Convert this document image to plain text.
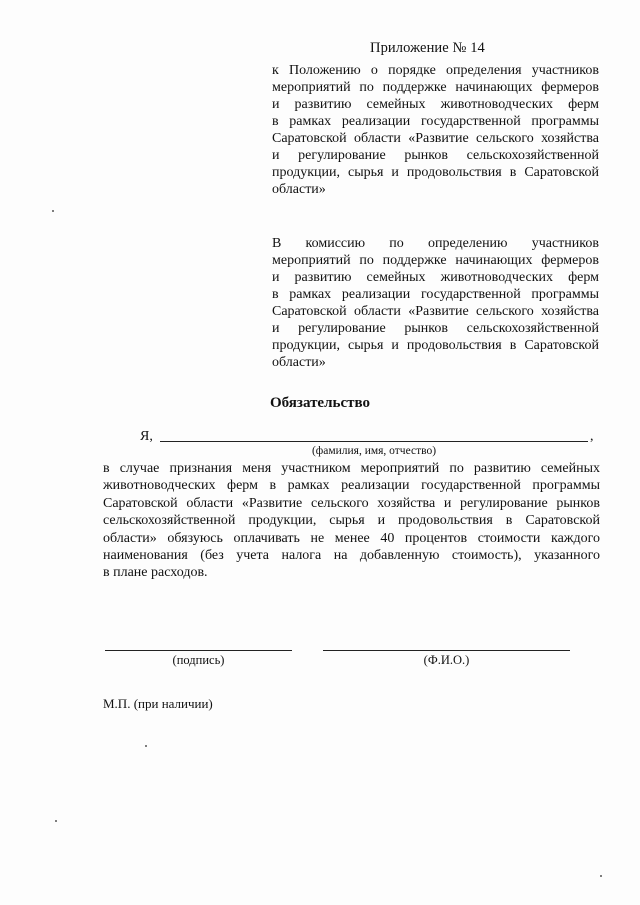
Приложение № 14
к Положению о порядке определения участников
мероприятий по поддержке начинающих фермеров
и развитию семейных животноводческих ферм
в рамках реализации государственной программы
Саратовской области «Развитие сельского хозяйства
и регулирование рынков сельскохозяйственной
продукции, сырья и продовольствия в Саратовской
области»
В комиссию по определению участников
мероприятий по поддержке начинающих фермеров
и развитию семейных животноводческих ферм
в рамках реализации государственной программы
Саратовской области «Развитие сельского хозяйства
и регулирование рынков сельскохозяйственной
продукции, сырья и продовольствия в Саратовской
области»
Обязательство
Я,	,
(фамилия, имя, отчество)
в случае признания меня участником мероприятий по развитию семейных
животноводческих ферм в рамках реализации государственной программы
Саратовской области «Развитие сельского хозяйства и регулирование рынков
сельскохозяйственной продукции, сырья и продовольствия в Саратовской
области» обязуюсь оплачивать не менее 40 процентов стоимости каждого
наименования (без учета налога на добавленную стоимость), указанного
в плане расходов.
(подпись)	(Ф.И.О.)
М.П. (при наличии)
